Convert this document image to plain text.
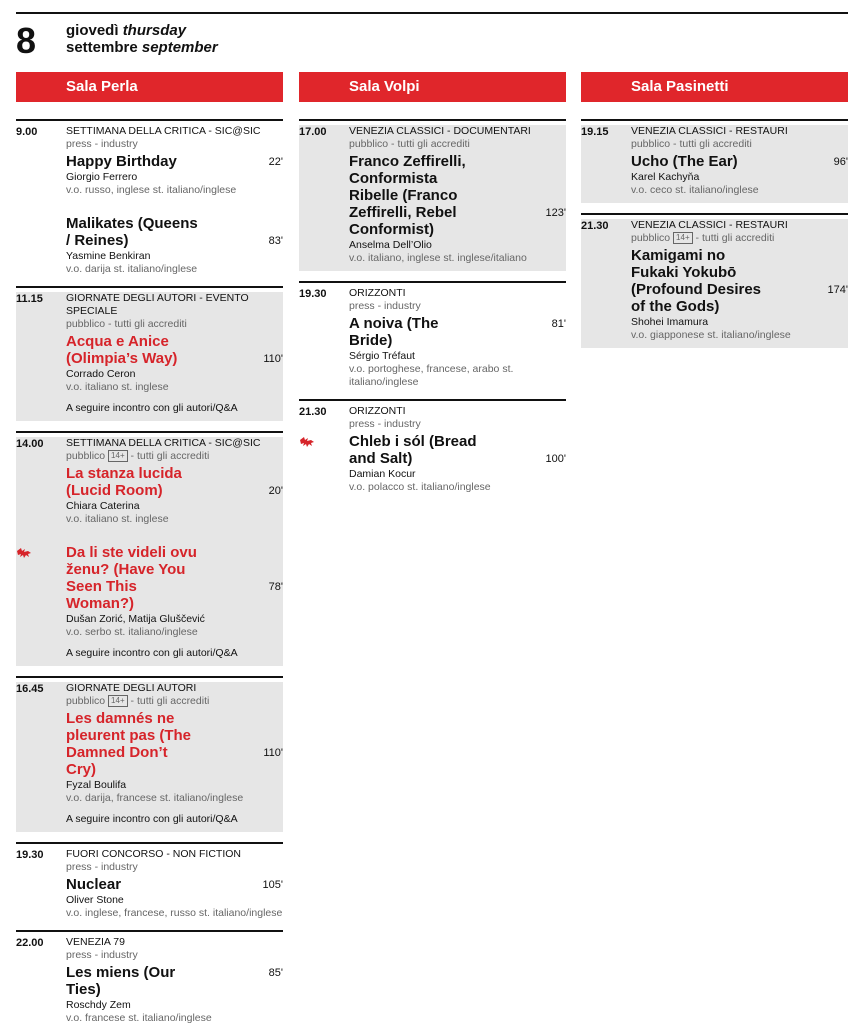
8 giovedì thursday
settembre september
Sala Perla
9.00	SETTIMANA DELLA CRITICA - SIC@SIC
press - industry
Happy Birthday	22'
Giorgio Ferrero
v.o. russo, inglese st. italiano/inglese
Malikates (Queens / Reines)	83'
Yasmine Benkiran
v.o. darija st. italiano/inglese
11.15 GIORNATE DEGLI AUTORI - EVENTO SPECIALE
pubblico - tutti gli accrediti
Acqua e Anice (Olimpia’s Way)	110'
Corrado Ceron
v.o. italiano st. inglese
A seguire incontro con gli autori/Q&A
14.00 SETTIMANA DELLA CRITICA - SIC@SIC
pubblico 14+ - tutti gli accrediti
La stanza lucida (Lucid Room)	20'
Chiara Caterina
v.o. italiano st. inglese
Da li ste videli ovu ženu? (Have You Seen This Woman?)
78'
Dušan Zorić, Matija Gluščević
v.o. serbo st. italiano/inglese
A seguire incontro con gli autori/Q&A
16.45 GIORNATE DEGLI AUTORI
pubblico 14+ - tutti gli accrediti
Les damnés ne pleurent pas (The Damned Don’t Cry)
110'
Fyzal Boulifa
v.o. darija, francese st. italiano/inglese
A seguire incontro con gli autori/Q&A
19.30 FUORI CONCORSO - NON FICTION
press - industry
Nuclear	105'
Oliver Stone
v.o. inglese, francese, russo st. italiano/inglese
22.00 VENEZIA 79
press - industry
Les miens (Our Ties)
85'
Roschdy Zem
v.o. francese st. italiano/inglese
Sala Volpi
17.00 VENEZIA CLASSICI - DOCUMENTARI
pubblico - tutti gli accrediti
Franco Zeffirelli, Conformista Ribelle (Franco Zeffirelli, Rebel Conformist)
123'
Anselma Dell’Olio
v.o. italiano, inglese st. inglese/italiano
19.30 ORIZZONTI
press - industry
A noiva (The Bride)
81'
Sérgio Tréfaut
v.o. portoghese, francese, arabo st. italiano/inglese
21.30 ORIZZONTI
press - industry
Chleb i sól (Bread and Salt)	100'
Damian Kocur
v.o. polacco st. italiano/inglese
Sala Pasinetti
19.15 VENEZIA CLASSICI - RESTAURI
pubblico - tutti gli accrediti
Ucho (The Ear)	96'
Karel Kachyňa
v.o. ceco st. italiano/inglese
21.30 VENEZIA CLASSICI - RESTAURI
pubblico 14+ - tutti gli accrediti
Kamigami no Fukaki Yokubō (Profound Desires of the Gods)
174'
Shohei Imamura
v.o. giapponese st. italiano/inglese
